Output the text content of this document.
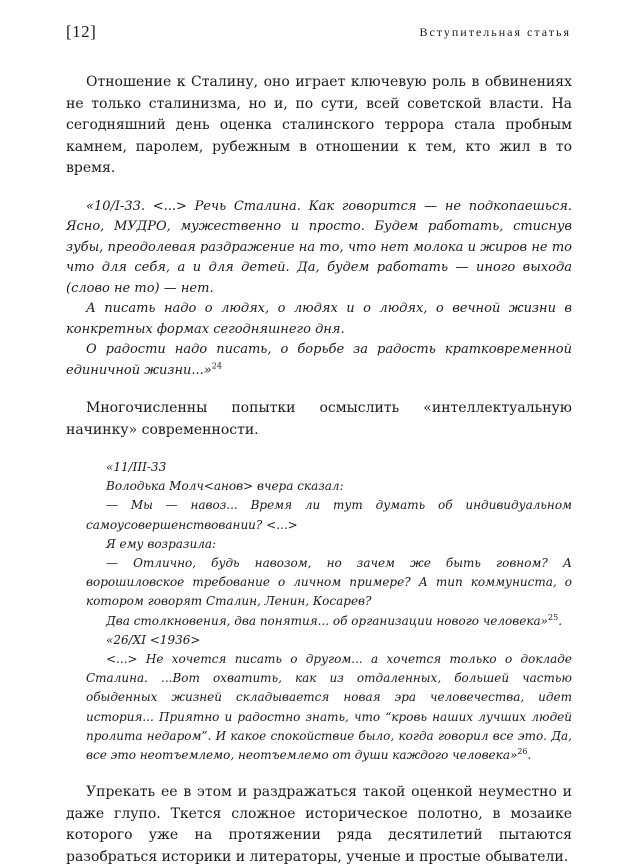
[12]	Вступительная статья

Отношение к Сталину, оно играет ключевую роль в обвинениях не только сталинизма, но и, по сути, всей советской власти. На сегодняшний день оценка сталинского террора стала пробным камнем, паролем, рубежным в отношении к тем, кто жил в то время.

«10/I-33. <...> Речь Сталина. Как говорится — не подкопаешься. Ясно, МУДРО, мужественно и просто. Будем работать, стиснув зубы, преодолевая раздражение на то, что нет молока и жиров не то что для себя, а и для детей. Да, будем работать — иного выхода (слово не то) — нет.

А писать надо о людях, о людях и о людях, о вечной жизни в конкретных формах сегодняшнего дня.

О радости надо писать, о борьбе за радость кратковременной единичной жизни...»$^{24}$

Многочисленны попытки осмыслить «интеллектуальную начинку» современности.

«11/III-33

Володька Молч<анов> вчера сказал:

— Мы — навоз... Время ли тут думать об индивидуальном самоусовершенствовании? <...>

Я ему возразила:

— Отлично, будь навозом, но зачем же быть говном? А ворошиловское требование о личном примере? А тип коммуниста, о котором говорят Сталин, Ленин, Косарев?

Два столкновения, два понятия... об организации нового человека»$^{25}$.

«26/XI <1936>

<...> Не хочется писать о другом... а хочется только о докладе Сталина. ...Вот охватить, как из отдаленных, большей частью обыденных жизней складывается новая эра человечества, идет история... Приятно и радостно знать, что “кровь наших лучших людей пролита недаром”. И какое спокойствие было, когда говорил все это. Да, все это неотъемлемо, неотъемлемо от души каждого человека»$^{26}$.

Упрекать ее в этом и раздражаться такой оценкой неуместно и даже глупо. Ткется сложное историческое полотно, в мозаике которого уже на протяжении ряда десятилетий пытаются разобраться историки и литераторы, ученые и простые обыватели.
